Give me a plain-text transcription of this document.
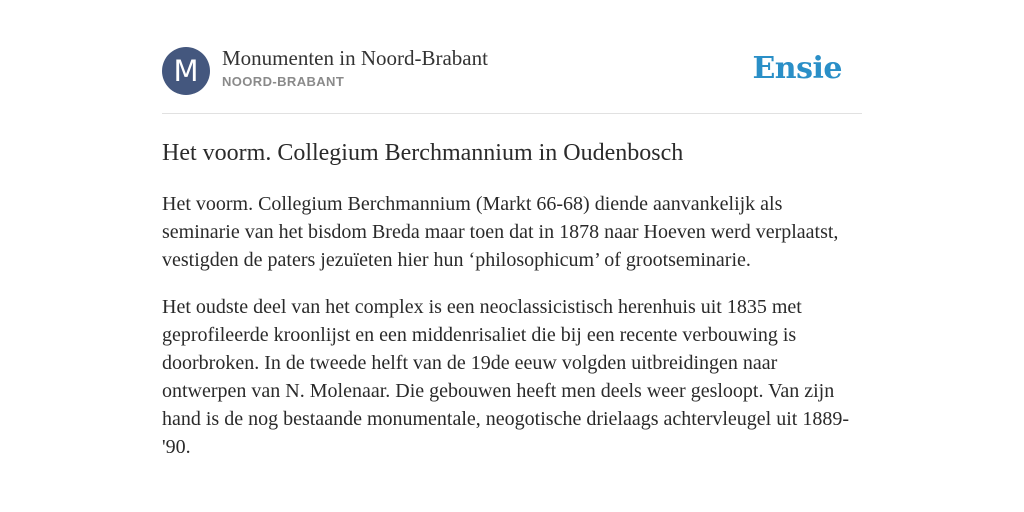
M	Monumenten in Noord-Brabant
NOORD-BRABANT	Ensie
Het voorm. Collegium Berchmannium in Oudenbosch

Het voorm. Collegium Berchmannium (Markt 66-68) diende aanvankelijk als seminarie van het bisdom Breda maar toen dat in 1878 naar Hoeven werd verplaatst, vestigden de paters jezuïeten hier hun ‘philosophicum’ of grootseminarie.

Het oudste deel van het complex is een neoclassicistisch herenhuis uit 1835 met geprofileerde kroonlijst en een middenrisaliet die bij een recente verbouwing is doorbroken. In de tweede helft van de 19de eeuw volgden uitbreidingen naar ontwerpen van N. Molenaar. Die gebouwen heeft men deels weer gesloopt. Van zijn hand is de nog bestaande monumentale, neogotische drielaags achtervleugel uit 1889-'90.
